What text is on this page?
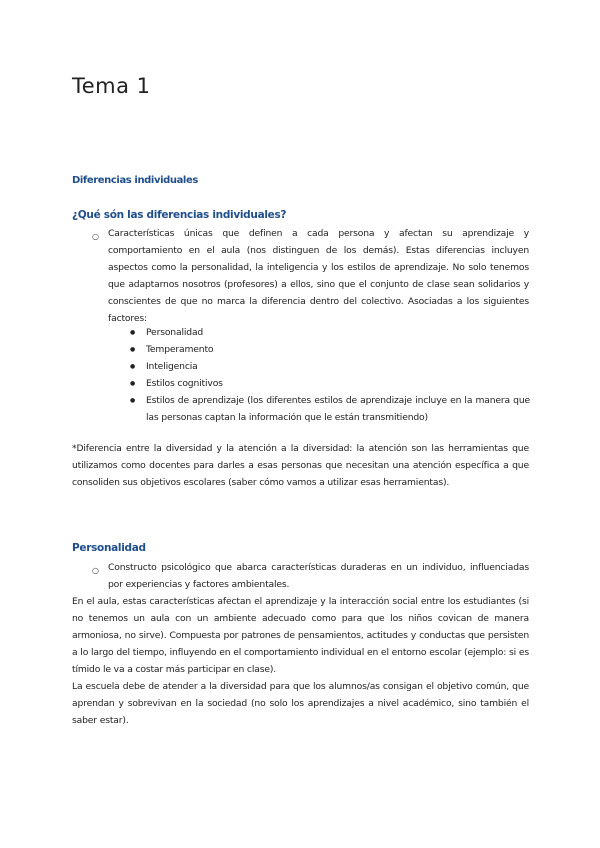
Tema 1
Diferencias individuales
¿Qué són las diferencias individuales?
○ Características únicas que definen a cada persona y afectan su aprendizaje y comportamiento en el aula (nos distinguen de los demás). Estas diferencias incluyen aspectos como la personalidad, la inteligencia y los estilos de aprendizaje. No solo tenemos que adaptarnos nosotros (profesores) a ellos, sino que el conjunto de clase sean solidarios y conscientes de que no marca la diferencia dentro del colectivo. Asociadas a los siguientes factores:

● Personalidad
● Temperamento
● Inteligencia
● Estilos cognitivos
● Estilos de aprendizaje (los diferentes estilos de aprendizaje incluye en la manera que las personas captan la información que le están transmitiendo)

*Diferencia entre la diversidad y la atención a la diversidad: la atención son las herramientas que utilizamos como docentes para darles a esas personas que necesitan una atención específica a que consoliden sus objetivos escolares (saber cómo vamos a utilizar esas herramientas).

Personalidad
○ Constructo psicológico que abarca características duraderas en un individuo, influenciadas por experiencias y factores ambientales.

En el aula, estas características afectan el aprendizaje y la interacción social entre los estudiantes (si no tenemos un aula con un ambiente adecuado como para que los niños covican de manera armoniosa, no sirve). Compuesta por patrones de pensamientos, actitudes y conductas que persisten a lo largo del tiempo, influyendo en el comportamiento individual en el entorno escolar (ejemplo: si es tímido le va a costar más participar en clase).

La escuela debe de atender a la diversidad para que los alumnos/as consigan el objetivo común, que aprendan y sobrevivan en la sociedad (no solo los aprendizajes a nivel académico, sino también el saber estar).
